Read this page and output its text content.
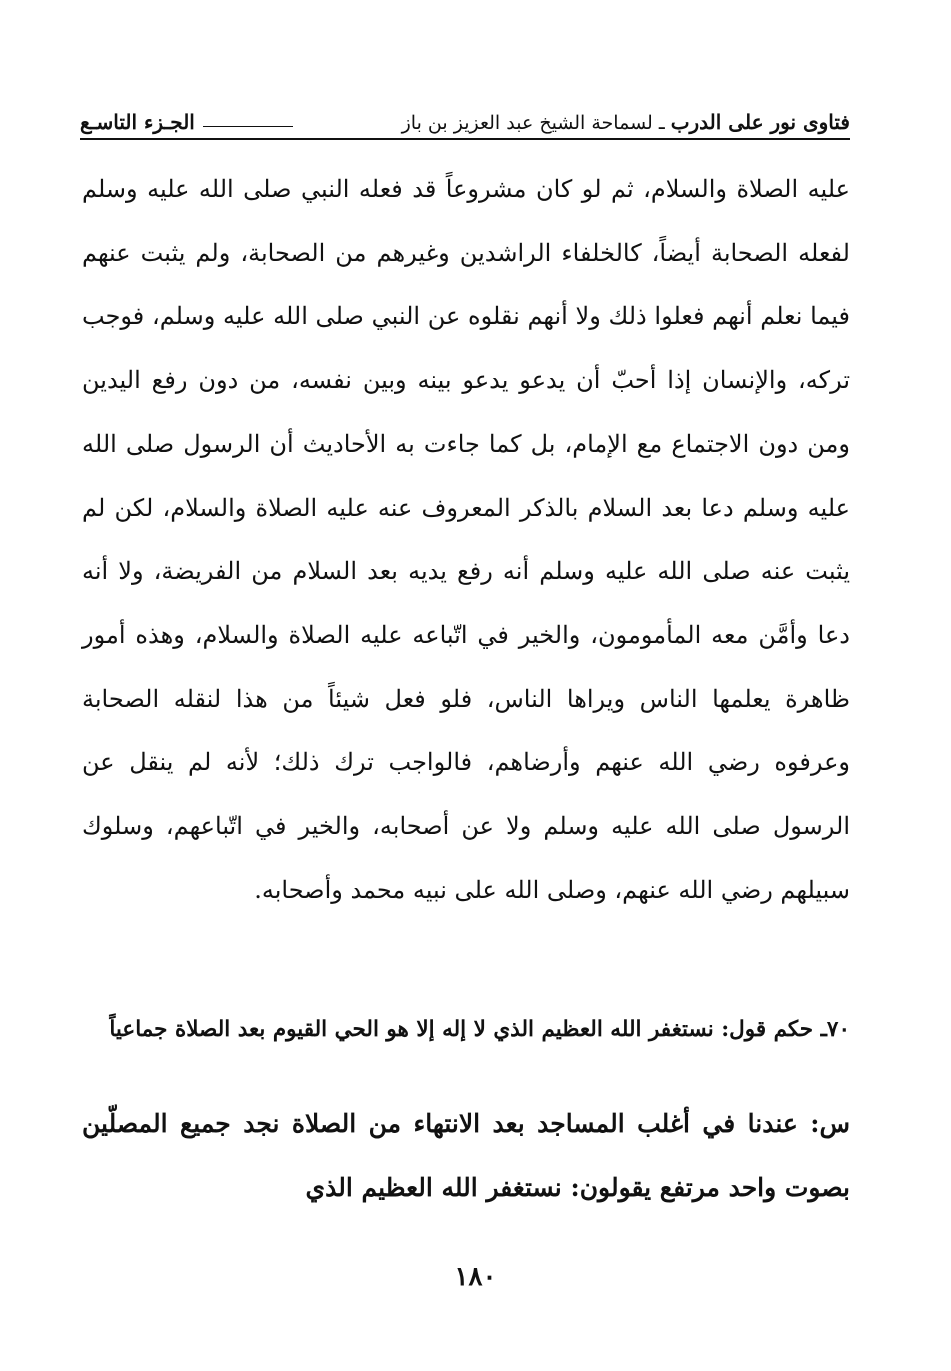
فتاوى نور على الدرب
ـ
لسماحة الشيخ عبد العزيز بن باز
الجـزء التاسـع

عليه الصلاة والسلام، ثم لو كان مشروعاً قد فعله النبي صلى الله عليه وسلم لفعله الصحابة أيضاً، كالخلفاء الراشدين وغيرهم من الصحابة، ولم يثبت عنهم فيما نعلم أنهم فعلوا ذلك ولا أنهم نقلوه عن النبي صلى الله عليه وسلم، فوجب تركه، والإنسان إذا أحبّ أن يدعو يدعو بينه وبين نفسه، من دون رفع اليدين ومن دون الاجتماع مع الإمام، بل كما جاءت به الأحاديث أن الرسول صلى الله عليه وسلم دعا بعد السلام بالذكر المعروف عنه عليه الصلاة والسلام، لكن لم يثبت عنه صلى الله عليه وسلم أنه رفع يديه بعد السلام من الفريضة، ولا أنه دعا وأمَّن معه المأمومون، والخير في اتّباعه عليه الصلاة والسلام، وهذه أمور ظاهرة يعلمها الناس ويراها الناس، فلو فعل شيئاً من هذا لنقله الصحابة وعرفوه رضي الله عنهم وأرضاهم، فالواجب ترك ذلك؛ لأنه لم ينقل عن الرسول صلى الله عليه وسلم ولا عن أصحابه، والخير في اتّباعهم، وسلوك سبيلهم رضي الله عنهم، وصلى الله على نبيه محمد وأصحابه.

٧٠ـ حكم قول: نستغفر الله العظيم الذي لا إله إلا هو الحي القيوم بعد الصلاة جماعياً

س: عندنا في أغلب المساجد بعد الانتهاء من الصلاة نجد جميع المصلّين بصوت واحد مرتفع يقولون: نستغفر الله العظيم الذي

١٨٠
